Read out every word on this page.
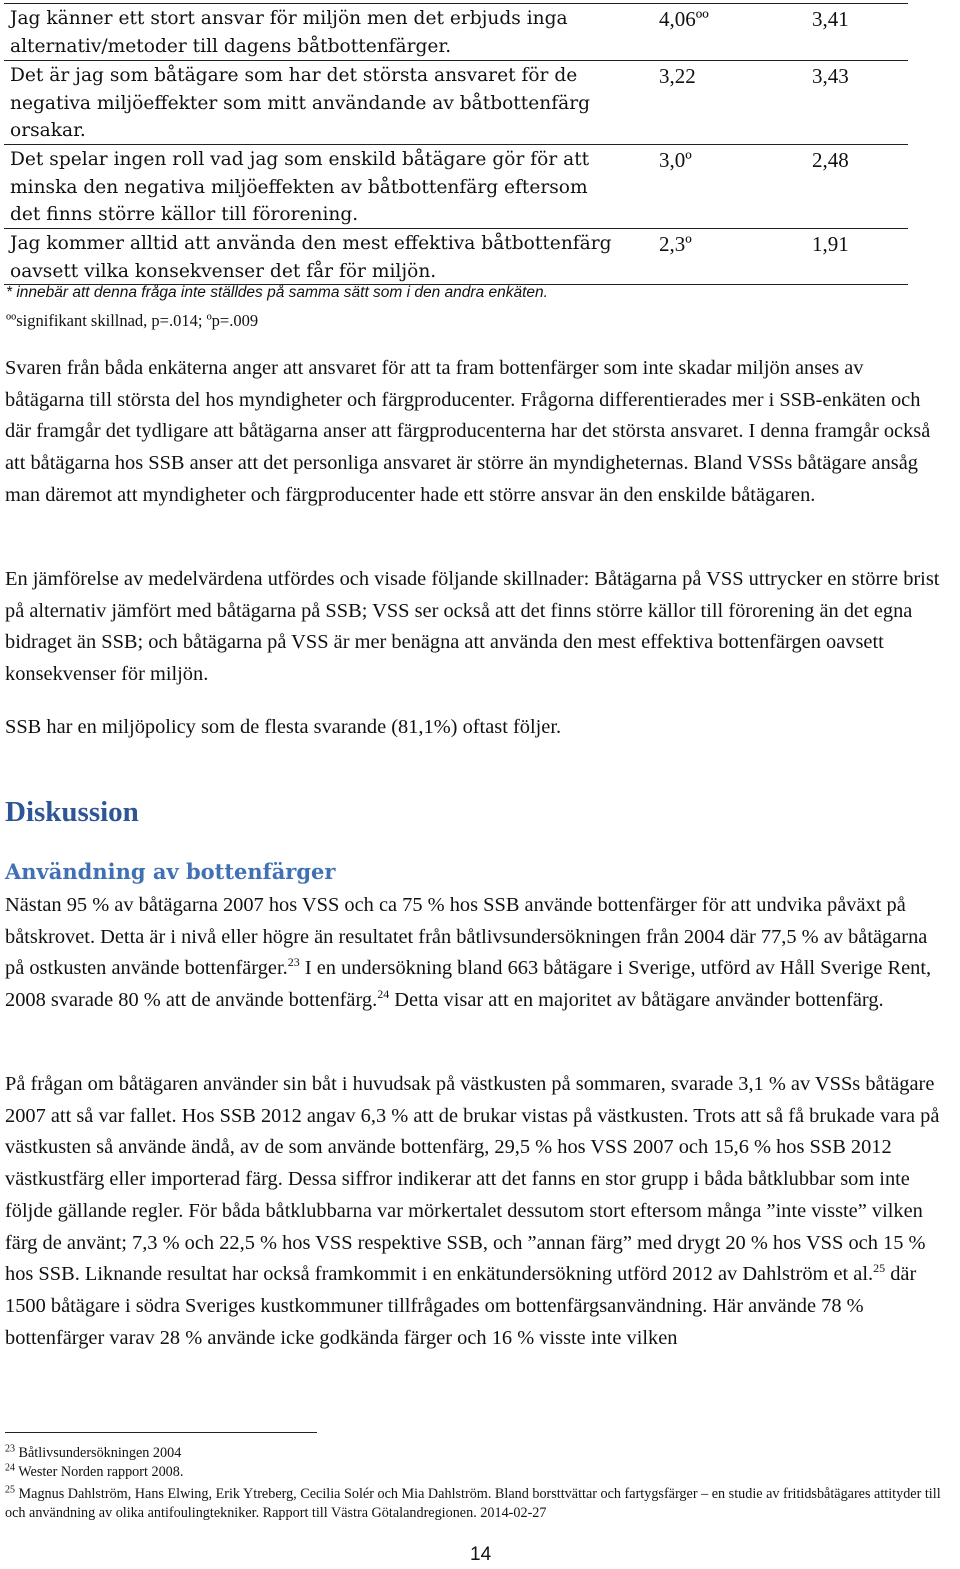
Jag känner ett stort ansvar för miljön men det erbjuds inga alternativ/metoder till dagens båtbottenfärger.
4,06ºº	3,41
Det är jag som båtägare som har det största ansvaret för de negativa miljöeffekter som mitt användande av båtbottenfärg orsakar.
3,22	3,43
Det spelar ingen roll vad jag som enskild båtägare gör för att minska den negativa miljöeffekten av båtbottenfärg eftersom det finns större källor till förorening.
3,0º	2,48
Jag kommer alltid att använda den mest effektiva båtbottenfärg oavsett vilka konsekvenser det får för miljön.
2,3º	1,91
* innebär att denna fråga inte ställdes på samma sätt som i den andra enkäten.
ººsignifikant skillnad, p=.014; ºp=.009

Svaren från båda enkäterna anger att ansvaret för att ta fram bottenfärger som inte skadar miljön anses av båtägarna till största del hos myndigheter och färgproducenter. Frågorna differentierades mer i SSB-enkäten och där framgår det tydligare att båtägarna anser att färgproducenterna har det största ansvaret. I denna framgår också att båtägarna hos SSB anser att det personliga ansvaret är större än myndigheternas. Bland VSSs båtägare ansåg man däremot att myndigheter och färgproducenter hade ett större ansvar än den enskilde båtägaren.

En jämförelse av medelvärdena utfördes och visade följande skillnader: Båtägarna på VSS uttrycker en större brist på alternativ jämfört med båtägarna på SSB; VSS ser också att det finns större källor till förorening än det egna bidraget än SSB; och båtägarna på VSS är mer benägna att använda den mest effektiva bottenfärgen oavsett konsekvenser för miljön.

SSB har en miljöpolicy som de flesta svarande (81,1%) oftast följer.

Diskussion
Användning av bottenfärger

Nästan 95 % av båtägarna 2007 hos VSS och ca 75 % hos SSB använde bottenfärger för att undvika påväxt på båtskrovet. Detta är i nivå eller högre än resultatet från båtlivsundersökningen från 2004 där 77,5 % av båtägarna på ostkusten använde bottenfärger.$^{23}$ I en undersökning bland 663 båtägare i Sverige, utförd av Håll Sverige Rent, 2008 svarade 80 % att de använde bottenfärg.$^{24}$ Detta visar att en majoritet av båtägare använder bottenfärg.

På frågan om båtägaren använder sin båt i huvudsak på västkusten på sommaren, svarade 3,1 % av VSSs båtägare 2007 att så var fallet. Hos SSB 2012 angav 6,3 % att de brukar vistas på västkusten. Trots att så få brukade vara på västkusten så använde ändå, av de som använde bottenfärg, 29,5 % hos VSS 2007 och 15,6 % hos SSB 2012 västkustfärg eller importerad färg. Dessa siffror indikerar att det fanns en stor grupp i båda båtklubbar som inte följde gällande regler. För båda båtklubbarna var mörkertalet dessutom stort eftersom många ”inte visste” vilken färg de använt; 7,3 % och 22,5 % hos VSS respektive SSB, och ”annan färg” med drygt 20 % hos VSS och 15 % hos SSB. Liknande resultat har också framkommit i en enkätundersökning utförd 2012 av Dahlström et al.$^{25}$ där 1500 båtägare i södra Sveriges kustkommuner tillfrågades om bottenfärgsanvändning. Här använde 78 % bottenfärger varav 28 % använde icke godkända färger och 16 % visste inte vilken

$^{23}$ Båtlivsundersökningen 2004
$^{24}$ Wester Norden rapport 2008.
$^{25}$ Magnus Dahlström, Hans Elwing, Erik Ytreberg, Cecilia Solér och Mia Dahlström. Bland borsttvättar och fartygsfärger – en studie av fritidsbåtägares attityder till och användning av olika antifoulingtekniker. Rapport till Västra Götalandregionen. 2014-02-27
14
